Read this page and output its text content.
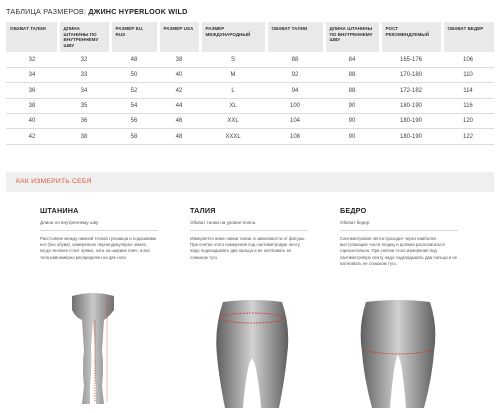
ТАБЛИЦА РАЗМЕРОВ: ДЖИНС HYPERLOOK WILD
ОБХВАТ ТАЛИИ	ДЛИНА ШТАНИНЫ ПО ВНУТРЕННЕМУ ШВУ	РАЗМЕР EU, RUS	РАЗМЕР USA	РАЗМЕР МЕЖДУНАРОДНЫЙ	ОБХВАТ ТАЛИИ	ДЛИНА ШТАНИНЫ ПО ВНУТРЕННЕМУ ШВУ	РОСТ РЕКОМЕНДУЕМЫЙ	ОБХВАТ БЕДЕР
32	32	48	38	S	88	84	165-176	106
34	33	50	40	M	92	88	170-180	110
36	34	52	42	L	94	88	172-182	114
38	35	54	44	XL	100	90	180-190	116
40	36	56	46	XXL	104	90	180-190	120
42	38	58	48	XXXL	108	90	180-190	122
КАК ИЗМЕРИТЬ СЕБЯ
ШТАНИНА
Длина по внутреннему шву
Расстояние между нижней точкой тульвища и подошвами ног (без обуви), измеренное перпендикулярно земле, когда человек стоит прямо, ноги на ширине плеч, а вес тела равномерно распределен на две ноги
ТАЛИЯ
Обхват талии на уровне пояса
Измеряется ниже линии талии, в зависимости от фигуры. При снятии этого измерения под сантиметровую ленту надо подкладывать два пальца и не натягивать ее слишком туго.
БЕДРО
Обхват бедер
Сантиметровая лента проходит через наиболее выступающие части ягодиц и должна располагаться горизонтально. При снятии этого измерения под сантиметровую ленту надо подкладывать два пальца и не натягивать ее слишком туго.
